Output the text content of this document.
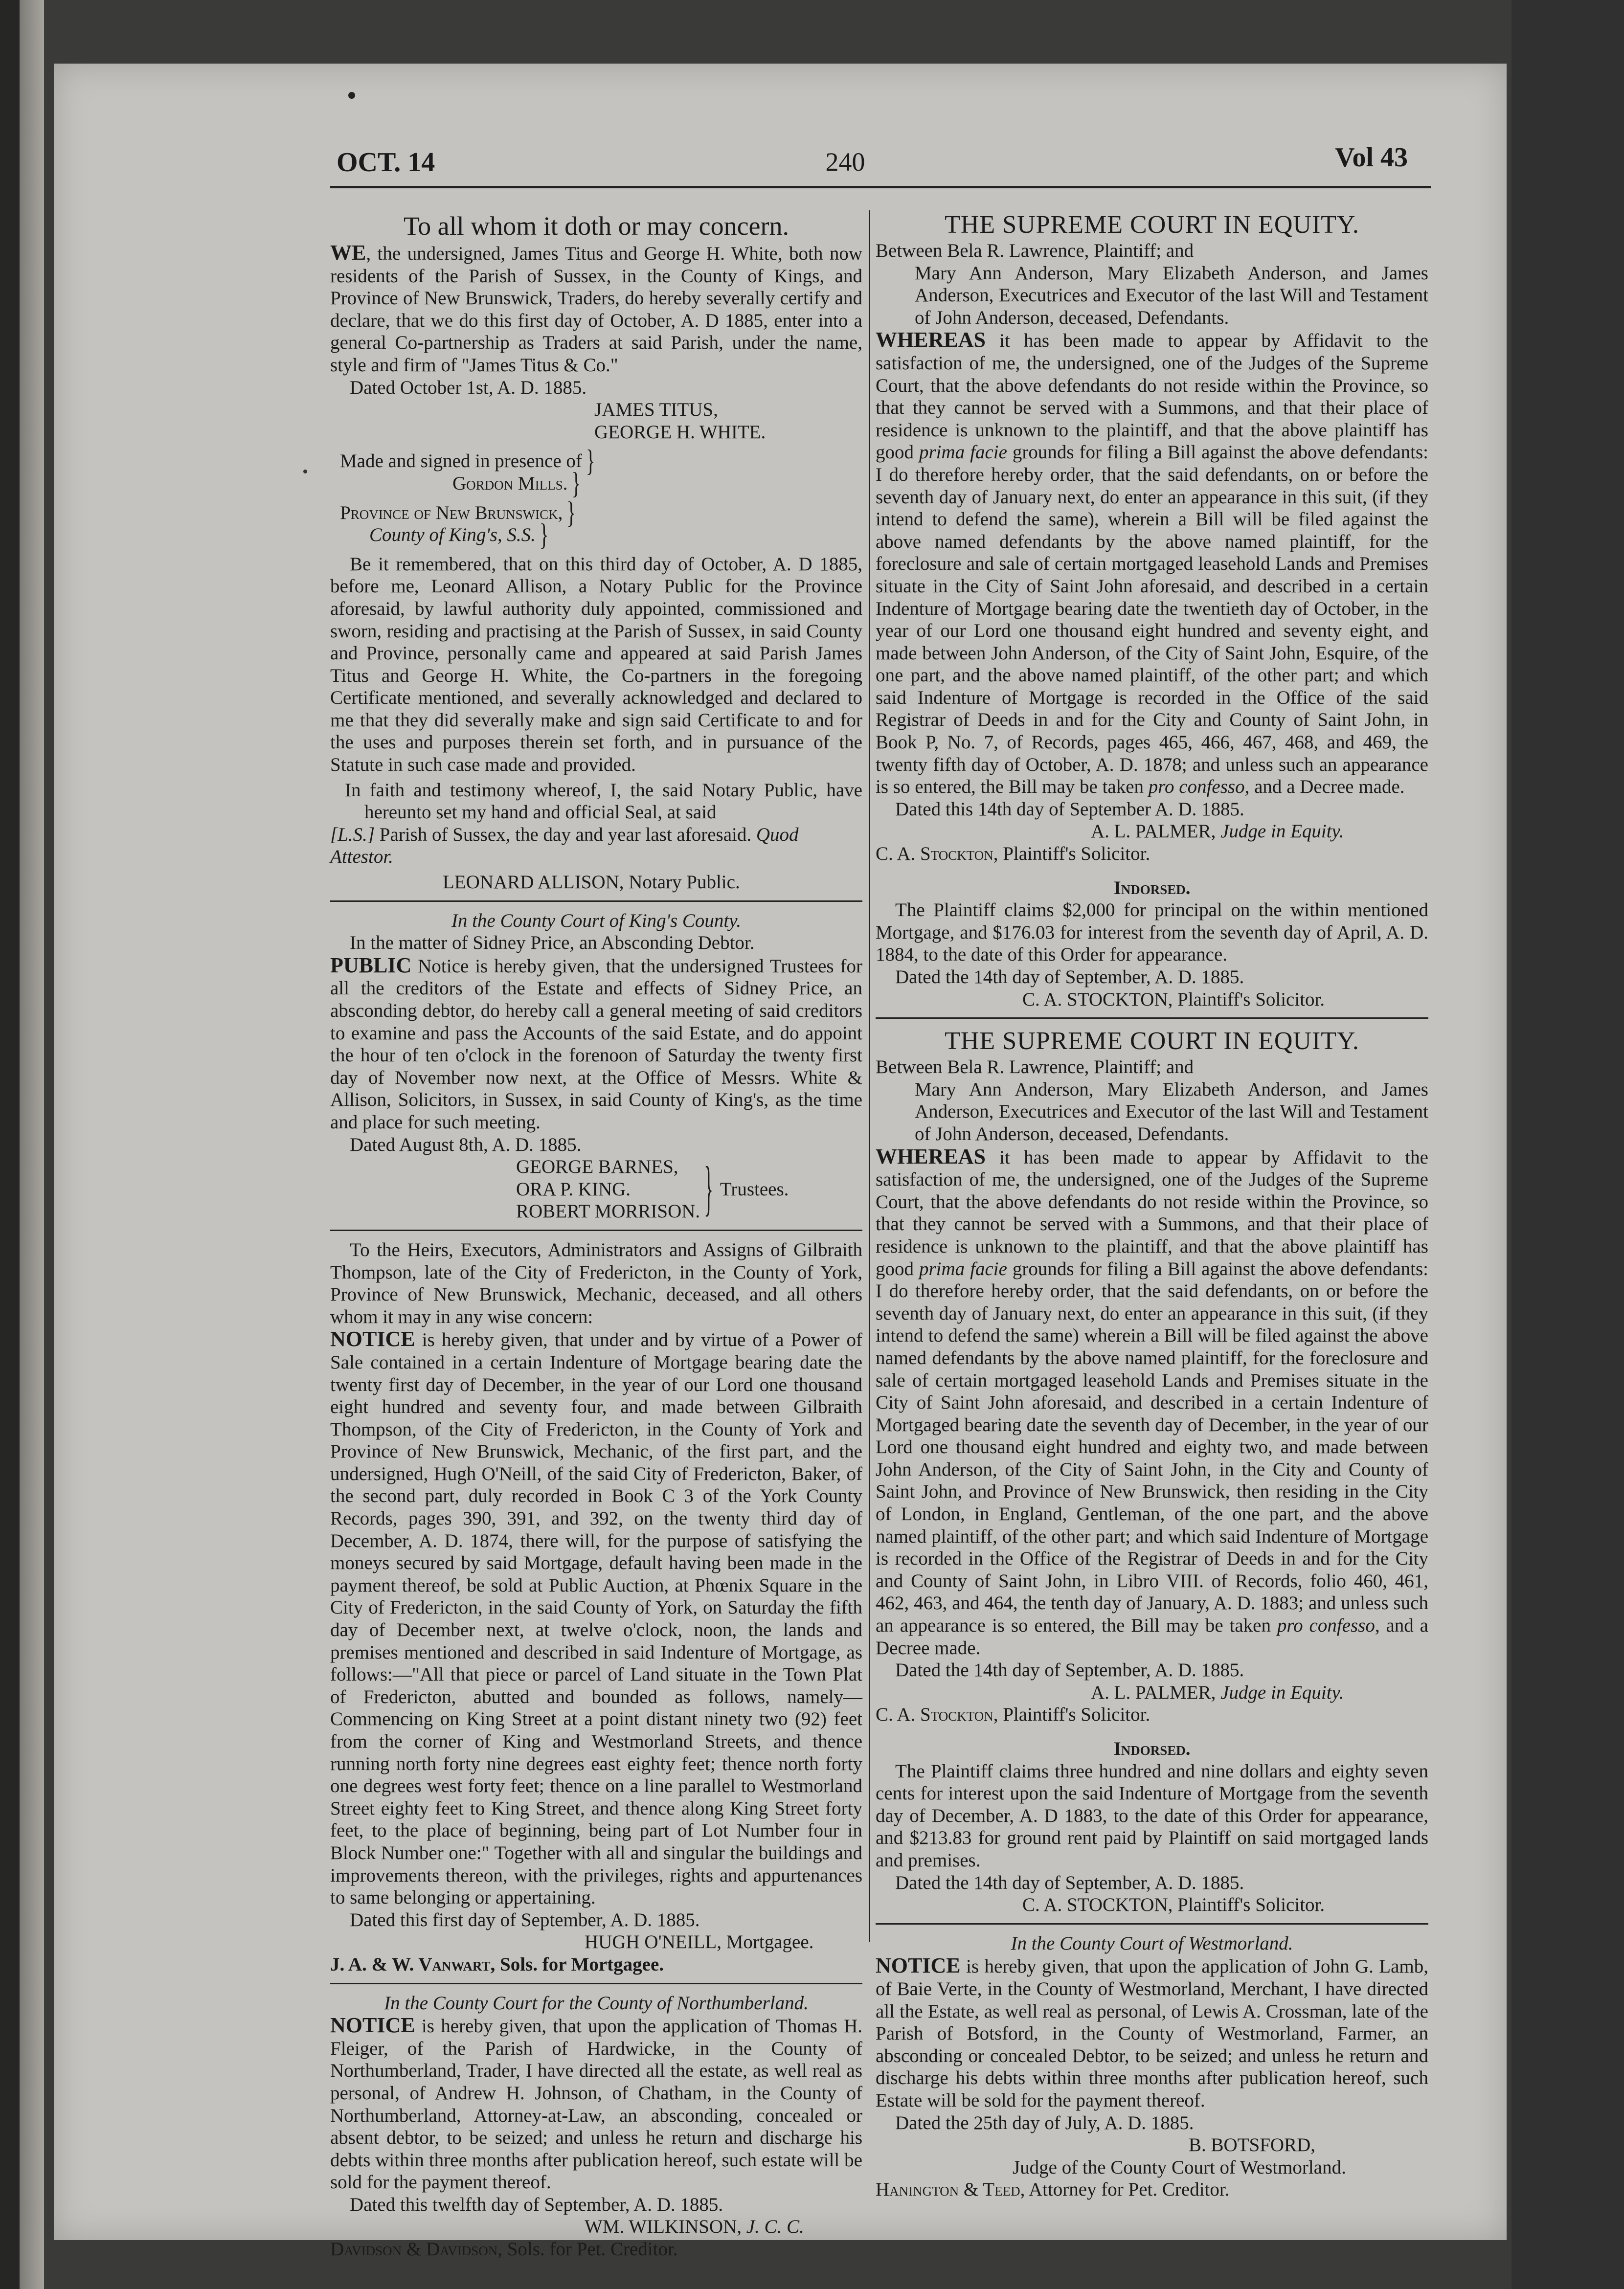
OCT. 14	240	Vol 43

To all whom it doth or may concern.

WE, the undersigned, James Titus and George H. White, both now residents of the Parish of Sussex, in the County of Kings, and Province of New Brunswick, Traders, do hereby severally certify and declare, that we do this first day of October, A. D 1885, enter into a general Co-partnership as Traders at said Parish, under the name, style and firm of "James Titus & Co."

Dated October 1st, A. D. 1885.

JAMES TITUS,

GEORGE H. WHITE.

Made and signed in presence of }

Gordon Mills. }

Province of New Brunswick, }

County of King's, S.S. }

Be it remembered, that on this third day of October, A. D 1885, before me, Leonard Allison, a Notary Public for the Province aforesaid, by lawful authority duly appointed, commissioned and sworn, residing and practising at the Parish of Sussex, in said County and Province, personally came and appeared at said Parish James Titus and George H. White, the Co-partners in the foregoing Certificate mentioned, and severally acknowledged and declared to me that they did severally make and sign said Certificate to and for the uses and purposes therein set forth, and in pursuance of the Statute in such case made and provided.

In faith and testimony whereof, I, the said Notary Public, have hereunto set my hand and official Seal, at said

[L.S.] Parish of Sussex, the day and year last aforesaid. Quod Attestor.

LEONARD ALLISON, Notary Public.

In the County Court of King's County.

In the matter of Sidney Price, an Absconding Debtor.

PUBLIC Notice is hereby given, that the undersigned Trustees for all the creditors of the Estate and effects of Sidney Price, an absconding debtor, do hereby call a general meeting of said creditors to examine and pass the Accounts of the said Estate, and do appoint the hour of ten o'clock in the forenoon of Saturday the twenty first day of November now next, at the Office of Messrs. White & Allison, Solicitors, in Sussex, in said County of King's, as the time and place for such meeting.

Dated August 8th, A. D. 1885.

GEORGE BARNES,

ORA P. KING.

ROBERT MORRISON. } Trustees.

To the Heirs, Executors, Administrators and Assigns of Gilbraith Thompson, late of the City of Fredericton, in the County of York, Province of New Brunswick, Mechanic, deceased, and all others whom it may in any wise concern:

NOTICE is hereby given, that under and by virtue of a Power of Sale contained in a certain Indenture of Mortgage bearing date the twenty first day of December, in the year of our Lord one thousand eight hundred and seventy four, and made between Gilbraith Thompson, of the City of Fredericton, in the County of York and Province of New Brunswick, Mechanic, of the first part, and the undersigned, Hugh O'Neill, of the said City of Fredericton, Baker, of the second part, duly recorded in Book C 3 of the York County Records, pages 390, 391, and 392, on the twenty third day of December, A. D. 1874, there will, for the purpose of satisfying the moneys secured by said Mortgage, default having been made in the payment thereof, be sold at Public Auction, at Phœnix Square in the City of Fredericton, in the said County of York, on Saturday the fifth day of December next, at twelve o'clock, noon, the lands and premises mentioned and described in said Indenture of Mortgage, as follows:—"All that piece or parcel of Land situate in the Town Plat of Fredericton, abutted and bounded as follows, namely—Commencing on King Street at a point distant ninety two (92) feet from the corner of King and Westmorland Streets, and thence running north forty nine degrees east eighty feet; thence north forty one degrees west forty feet; thence on a line parallel to Westmorland Street eighty feet to King Street, and thence along King Street forty feet, to the place of beginning, being part of Lot Number four in Block Number one:" Together with all and singular the buildings and improvements thereon, with the privileges, rights and appurtenances to same belonging or appertaining.

Dated this first day of September, A. D. 1885.

HUGH O'NEILL, Mortgagee.

J. A. & W. Vanwart, Sols. for Mortgagee.

In the County Court for the County of Northumberland.

NOTICE is hereby given, that upon the application of Thomas H. Fleiger, of the Parish of Hardwicke, in the County of Northumberland, Trader, I have directed all the estate, as well real as personal, of Andrew H. Johnson, of Chatham, in the County of Northumberland, Attorney-at-Law, an absconding, concealed or absent debtor, to be seized; and unless he return and discharge his debts within three months after publication hereof, such estate will be sold for the payment thereof.

Dated this twelfth day of September, A. D. 1885.

WM. WILKINSON, J. C. C.

Davidson & Davidson, Sols. for Pet. Creditor.

THE SUPREME COURT IN EQUITY.

Between Bela R. Lawrence, Plaintiff; and

Mary Ann Anderson, Mary Elizabeth Anderson, and James Anderson, Executrices and Executor of the last Will and Testament of John Anderson, deceased, Defendants.

WHEREAS it has been made to appear by Affidavit to the satisfaction of me, the undersigned, one of the Judges of the Supreme Court, that the above defendants do not reside within the Province, so that they cannot be served with a Summons, and that their place of residence is unknown to the plaintiff, and that the above plaintiff has good prima facie grounds for filing a Bill against the above defendants: I do therefore hereby order, that the said defendants, on or before the seventh day of January next, do enter an appearance in this suit, (if they intend to defend the same), wherein a Bill will be filed against the above named defendants by the above named plaintiff, for the foreclosure and sale of certain mortgaged leasehold Lands and Premises situate in the City of Saint John aforesaid, and described in a certain Indenture of Mortgage bearing date the twentieth day of October, in the year of our Lord one thousand eight hundred and seventy eight, and made between John Anderson, of the City of Saint John, Esquire, of the one part, and the above named plaintiff, of the other part; and which said Indenture of Mortgage is recorded in the Office of the said Registrar of Deeds in and for the City and County of Saint John, in Book P, No. 7, of Records, pages 465, 466, 467, 468, and 469, the twenty fifth day of October, A. D. 1878; and unless such an appearance is so entered, the Bill may be taken pro confesso, and a Decree made.

Dated this 14th day of September A. D. 1885.

A. L. PALMER, Judge in Equity.

C. A. Stockton, Plaintiff's Solicitor.

Indorsed.

The Plaintiff claims $2,000 for principal on the within mentioned Mortgage, and $176.03 for interest from the seventh day of April, A. D. 1884, to the date of this Order for appearance.

Dated the 14th day of September, A. D. 1885.

C. A. STOCKTON, Plaintiff's Solicitor.

THE SUPREME COURT IN EQUITY.

Between Bela R. Lawrence, Plaintiff; and

Mary Ann Anderson, Mary Elizabeth Anderson, and James Anderson, Executrices and Executor of the last Will and Testament of John Anderson, deceased, Defendants.

WHEREAS it has been made to appear by Affidavit to the satisfaction of me, the undersigned, one of the Judges of the Supreme Court, that the above defendants do not reside within the Province, so that they cannot be served with a Summons, and that their place of residence is unknown to the plaintiff, and that the above plaintiff has good prima facie grounds for filing a Bill against the above defendants: I do therefore hereby order, that the said defendants, on or before the seventh day of January next, do enter an appearance in this suit, (if they intend to defend the same) wherein a Bill will be filed against the above named defendants by the above named plaintiff, for the foreclosure and sale of certain mortgaged leasehold Lands and Premises situate in the City of Saint John aforesaid, and described in a certain Indenture of Mortgaged bearing date the seventh day of December, in the year of our Lord one thousand eight hundred and eighty two, and made between John Anderson, of the City of Saint John, in the City and County of Saint John, and Province of New Brunswick, then residing in the City of London, in England, Gentleman, of the one part, and the above named plaintiff, of the other part; and which said Indenture of Mortgage is recorded in the Office of the Registrar of Deeds in and for the City and County of Saint John, in Libro VIII. of Records, folio 460, 461, 462, 463, and 464, the tenth day of January, A. D. 1883; and unless such an appearance is so entered, the Bill may be taken pro confesso, and a Decree made.

Dated the 14th day of September, A. D. 1885.

A. L. PALMER, Judge in Equity.

C. A. Stockton, Plaintiff's Solicitor.

Indorsed.

The Plaintiff claims three hundred and nine dollars and eighty seven cents for interest upon the said Indenture of Mortgage from the seventh day of December, A. D 1883, to the date of this Order for appearance, and $213.83 for ground rent paid by Plaintiff on said mortgaged lands and premises.

Dated the 14th day of September, A. D. 1885.

C. A. STOCKTON, Plaintiff's Solicitor.

In the County Court of Westmorland.

NOTICE is hereby given, that upon the application of John G. Lamb, of Baie Verte, in the County of Westmorland, Merchant, I have directed all the Estate, as well real as personal, of Lewis A. Crossman, late of the Parish of Botsford, in the County of Westmorland, Farmer, an absconding or concealed Debtor, to be seized; and unless he return and discharge his debts within three months after publication hereof, such Estate will be sold for the payment thereof.

Dated the 25th day of July, A. D. 1885.

B. BOTSFORD,

Judge of the County Court of Westmorland.

Hanington & Teed, Attorney for Pet. Creditor.
